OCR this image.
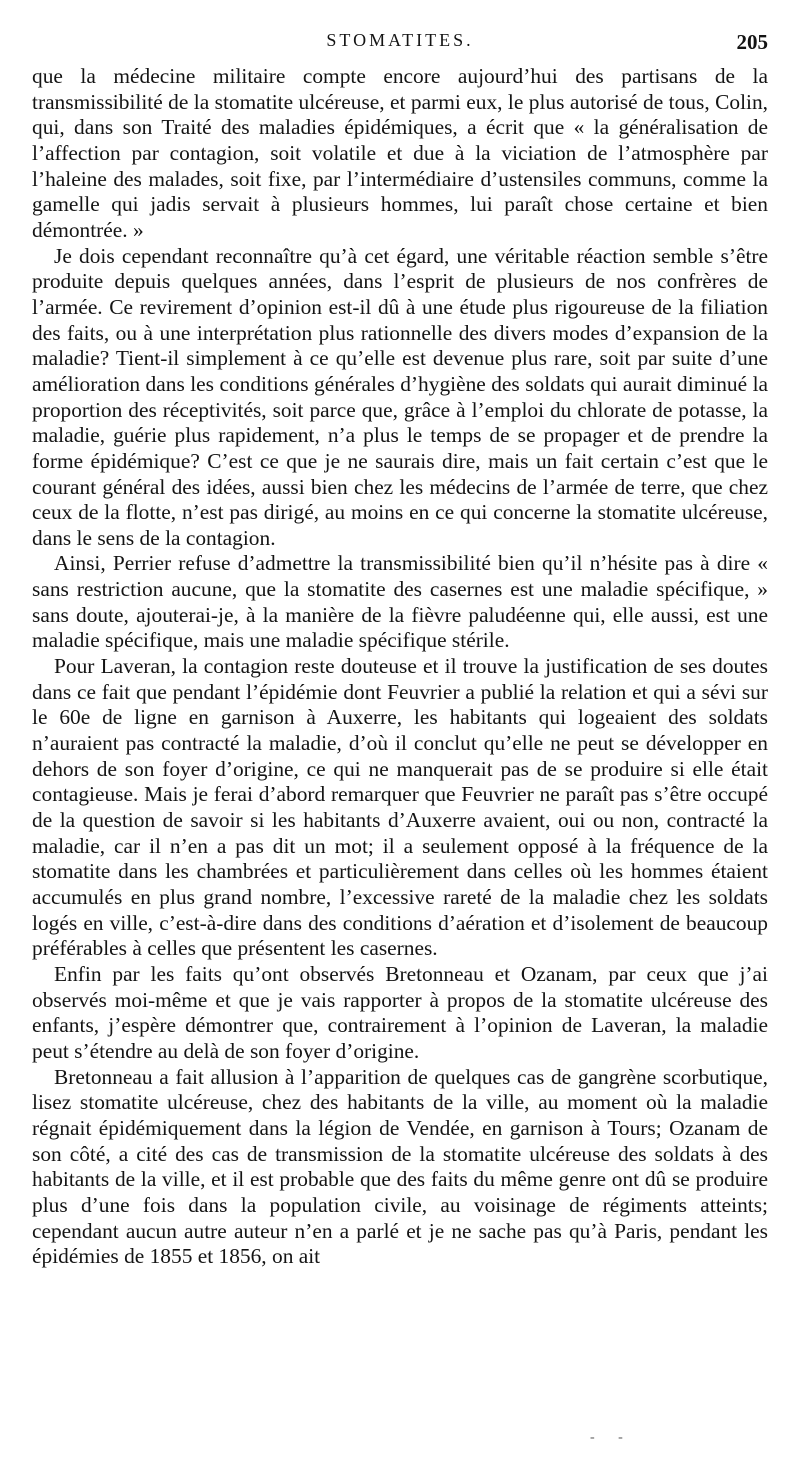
STOMATITES.	205

que la médecine militaire compte encore aujourd’hui des partisans de la transmissibilité de la stomatite ulcéreuse, et parmi eux, le plus autorisé de tous, Colin, qui, dans son Traité des maladies épidémiques, a écrit que « la généralisation de l’affection par contagion, soit volatile et due à la viciation de l’atmosphère par l’haleine des malades, soit fixe, par l’intermédiaire d’ustensiles communs, comme la gamelle qui jadis servait à plusieurs hommes, lui paraît chose certaine et bien démontrée. »

Je dois cependant reconnaître qu’à cet égard, une véritable réaction semble s’être produite depuis quelques années, dans l’esprit de plusieurs de nos confrères de l’armée. Ce revirement d’opinion est-il dû à une étude plus rigoureuse de la filiation des faits, ou à une interprétation plus rationnelle des divers modes d’expansion de la maladie? Tient-il simplement à ce qu’elle est devenue plus rare, soit par suite d’une amélioration dans les conditions générales d’hygiène des soldats qui aurait diminué la proportion des réceptivités, soit parce que, grâce à l’emploi du chlorate de potasse, la maladie, guérie plus rapidement, n’a plus le temps de se propager et de prendre la forme épidémique? C’est ce que je ne saurais dire, mais un fait certain c’est que le courant général des idées, aussi bien chez les médecins de l’armée de terre, que chez ceux de la flotte, n’est pas dirigé, au moins en ce qui concerne la stomatite ulcéreuse, dans le sens de la contagion.

Ainsi, Perrier refuse d’admettre la transmissibilité bien qu’il n’hésite pas à dire « sans restriction aucune, que la stomatite des casernes est une maladie spécifique, » sans doute, ajouterai-je, à la manière de la fièvre paludéenne qui, elle aussi, est une maladie spécifique, mais une maladie spécifique stérile.

Pour Laveran, la contagion reste douteuse et il trouve la justification de ses doutes dans ce fait que pendant l’épidémie dont Feuvrier a publié la relation et qui a sévi sur le 60e de ligne en garnison à Auxerre, les habitants qui logeaient des soldats n’auraient pas contracté la maladie, d’où il conclut qu’elle ne peut se développer en dehors de son foyer d’origine, ce qui ne manquerait pas de se produire si elle était contagieuse. Mais je ferai d’abord remarquer que Feuvrier ne paraît pas s’être occupé de la question de savoir si les habitants d’Auxerre avaient, oui ou non, contracté la maladie, car il n’en a pas dit un mot; il a seulement opposé à la fréquence de la stomatite dans les chambrées et particulièrement dans celles où les hommes étaient accumulés en plus grand nombre, l’excessive rareté de la maladie chez les soldats logés en ville, c’est-à-dire dans des conditions d’aération et d’isolement de beaucoup préférables à celles que présentent les casernes.

Enfin par les faits qu’ont observés Bretonneau et Ozanam, par ceux que j’ai observés moi-même et que je vais rapporter à propos de la stomatite ulcéreuse des enfants, j’espère démontrer que, contrairement à l’opinion de Laveran, la maladie peut s’étendre au delà de son foyer d’origine.

Bretonneau a fait allusion à l’apparition de quelques cas de gangrène scorbutique, lisez stomatite ulcéreuse, chez des habitants de la ville, au moment où la maladie régnait épidémiquement dans la légion de Vendée, en garnison à Tours; Ozanam de son côté, a cité des cas de transmission de la stomatite ulcéreuse des soldats à des habitants de la ville, et il est probable que des faits du même genre ont dû se produire plus d’une fois dans la population civile, au voisinage de régiments atteints; cependant aucun autre auteur n’en a parlé et je ne sache pas qu’à Paris, pendant les épidémies de 1855 et 1856, on ait

- -
